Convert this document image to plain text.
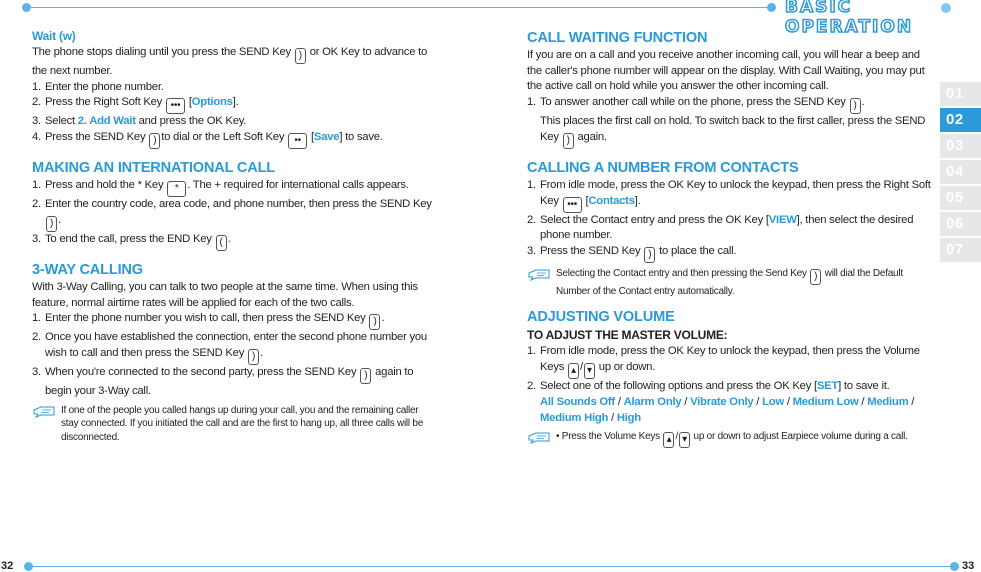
BASIC OPERATION
Wait (w)

The phone stops dialing until you press the SEND Key ) or OK Key to advance to the next number.

1. Enter the phone number.
2. Press the Right Soft Key ••• [Options].
3. Select 2. Add Wait and press the OK Key.
4. Press the SEND Key ) to dial or the Left Soft Key •• [Save] to save.
MAKING AN INTERNATIONAL CALL
1. Press and hold the * Key * . The + required for international calls appears.
2. Enter the country code, area code, and phone number, then press the SEND Key ) .
3. To end the call, press the END Key ( .
3-WAY CALLING

With 3-Way Calling, you can talk to two people at the same time. When using this feature, normal airtime rates will be applied for each of the two calls.

1. Enter the phone number you wish to call, then press the SEND Key ) .
2. Once you have established the connection, enter the second phone number you wish to call and then press the SEND Key ) .
3. When you're connected to the second party, press the SEND Key ) again to begin your 3-Way call.
If one of the people you called hangs up during your call, you and the remaining caller stay connected. If you initiated the call and are the first to hang up, all three calls will be disconnected.
CALL WAITING FUNCTION

If you are on a call and you receive another incoming call, you will hear a beep and the caller's phone number will appear on the display. With Call Waiting, you may put the active call on hold while you answer the other incoming call.

1. To answer another call while on the phone, press the SEND Key ) .
This places the first call on hold. To switch back to the first caller, press the SEND Key ) again.
CALLING A NUMBER FROM CONTACTS
1. From idle mode, press the OK Key to unlock the keypad, then press the Right Soft Key ••• [Contacts].
2. Select the Contact entry and press the OK Key [VIEW], then select the desired phone number.
3. Press the SEND Key ) to place the call.
Selecting the Contact entry and then pressing the Send Key ) will dial the Default Number of the Contact entry automatically.
ADJUSTING VOLUME
TO ADJUST THE MASTER VOLUME:
1. From idle mode, press the OK Key to unlock the keypad, then press the Volume Keys ▴ / ▾ up or down.
2. Select one of the following options and press the OK Key [SET] to save it.
All Sounds Off / Alarm Only / Vibrate Only / Low / Medium Low / Medium /
Medium High / High
• Press the Volume Keys ▴ / ▾ up or down to adjust Earpiece volume during a call.
01
02
03
04
05
06
07
32	33
